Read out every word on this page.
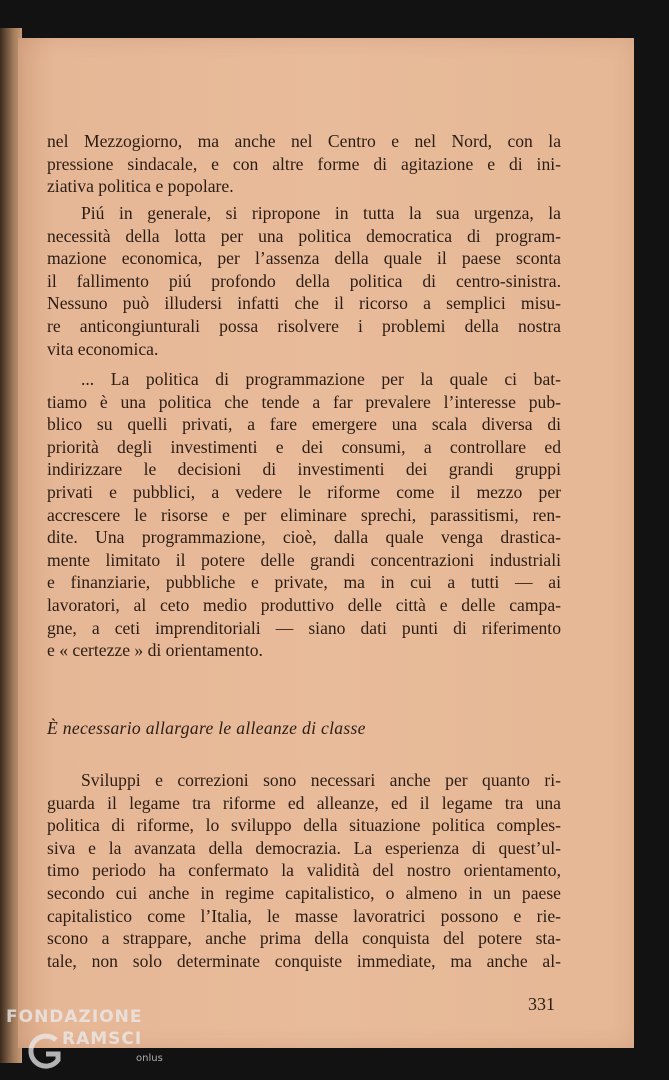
nel Mezzogiorno, ma anche nel Centro e nel Nord, con la
pressione sindacale, e con altre forme di agitazione e di ini-
ziativa politica e popolare.

Piú in generale, si ripropone in tutta la sua urgenza, la
necessità della lotta per una politica democratica di program-
mazione economica, per l’assenza della quale il paese sconta
il fallimento piú profondo della politica di centro-sinistra.
Nessuno può illudersi infatti che il ricorso a semplici misu-
re anticongiunturali possa risolvere i problemi della nostra
vita economica.

... La politica di programmazione per la quale ci bat-
tiamo è una politica che tende a far prevalere l’interesse pub-
blico su quelli privati, a fare emergere una scala diversa di
priorità degli investimenti e dei consumi, a controllare ed
indirizzare le decisioni di investimenti dei grandi gruppi
privati e pubblici, a vedere le riforme come il mezzo per
accrescere le risorse e per eliminare sprechi, parassitismi, ren-
dite. Una programmazione, cioè, dalla quale venga drastica-
mente limitato il potere delle grandi concentrazioni industriali
e finanziarie, pubbliche e private, ma in cui a tutti — ai
lavoratori, al ceto medio produttivo delle città e delle campa-
gne, a ceti imprenditoriali — siano dati punti di riferimento
e « certezze » di orientamento.

È necessario allargare le alleanze di classe

Sviluppi e correzioni sono necessari anche per quanto ri-
guarda il legame tra riforme ed alleanze, ed il legame tra una
politica di riforme, lo sviluppo della situazione politica comples-
siva e la avanzata della democrazia. La esperienza di quest’ul-
timo periodo ha confermato la validità del nostro orientamento,
secondo cui anche in regime capitalistico, o almeno in un paese
capitalistico come l’Italia, le masse lavoratrici possono e rie-
scono a strappare, anche prima della conquista del potere sta-
tale, non solo determinate conquiste immediate, ma anche al-

331
FONDAZIONE
RAMSCI
onlus
